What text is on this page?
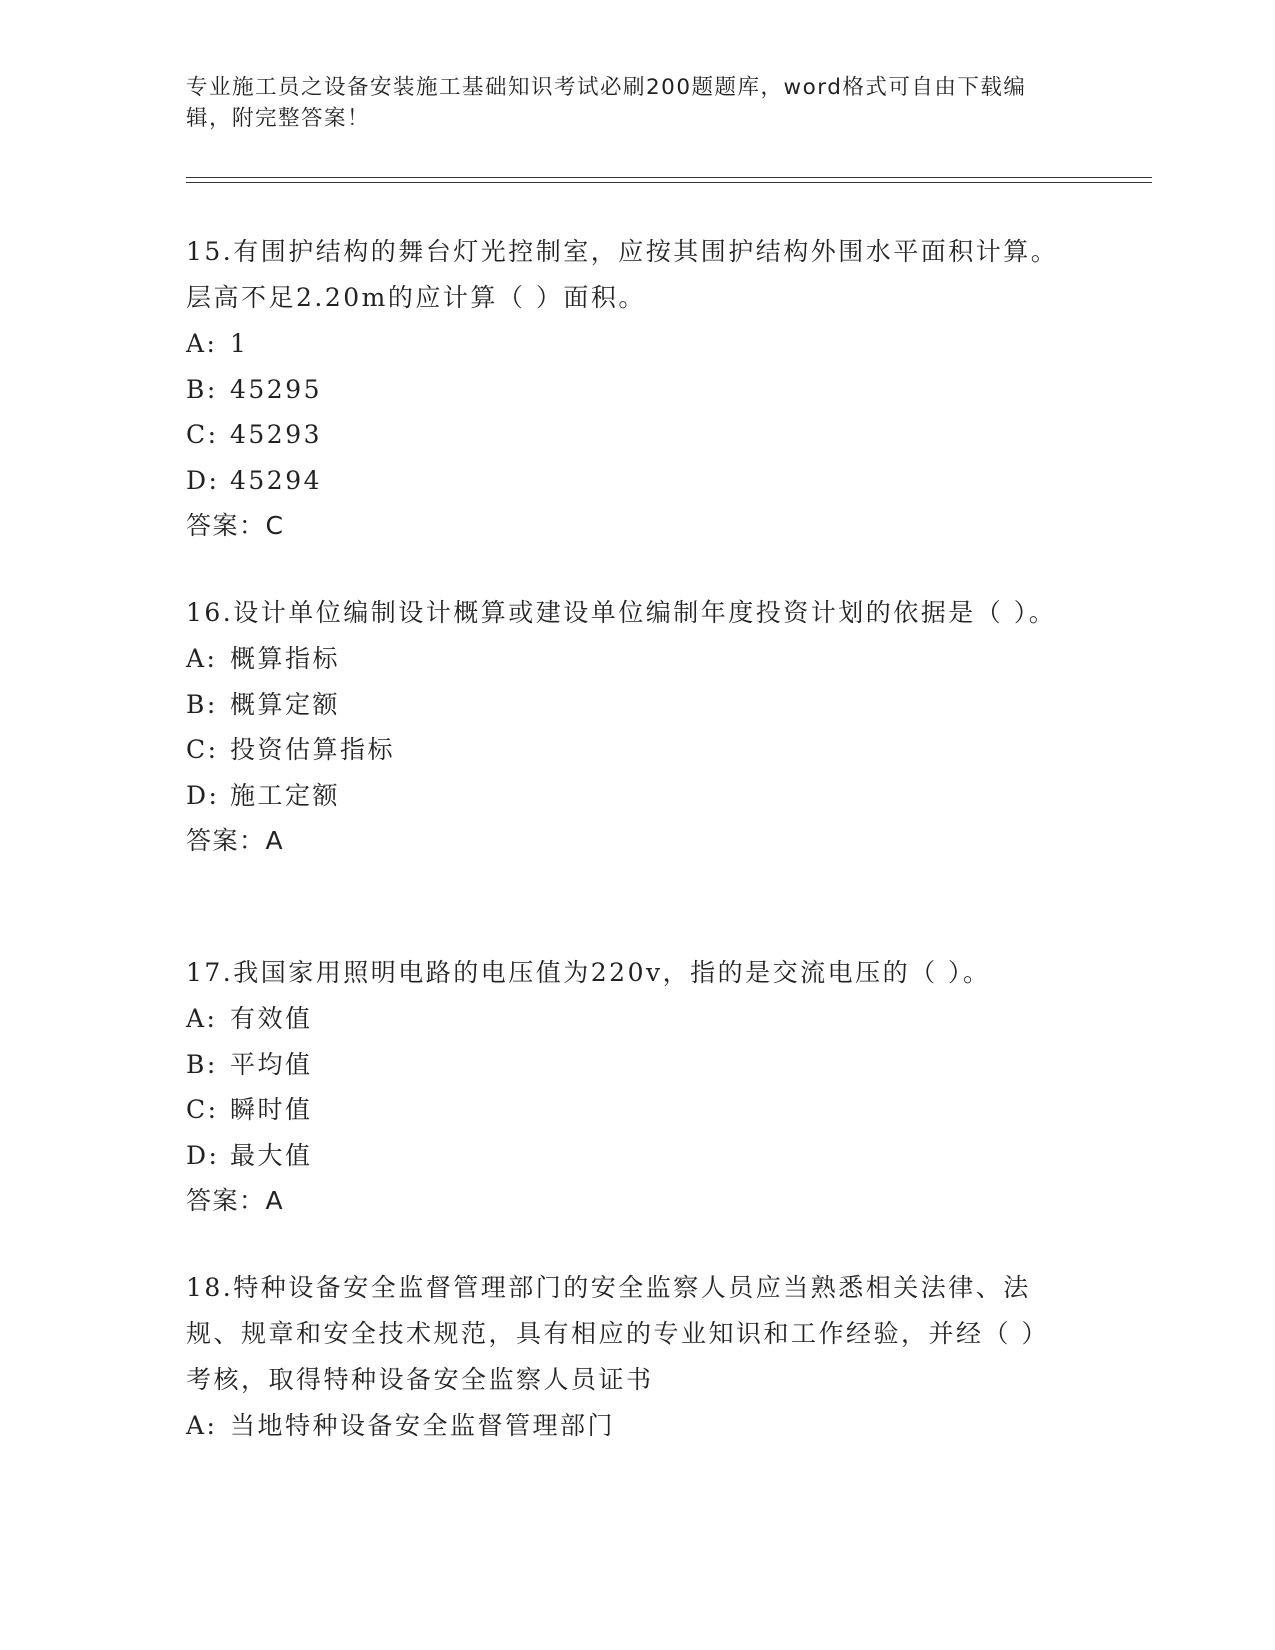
专业施工员之设备安装施工基础知识考试必刷200题题库，word格式可自由下载编辑，附完整答案！

15.有围护结构的舞台灯光控制室，应按其围护结构外围水平面积计算。层高不足2.20m的应计算（ ）面积。

A: 1

B: 45295

C: 45293

D: 45294

答案：C

16.设计单位编制设计概算或建设单位编制年度投资计划的依据是（ ）。

A: 概算指标

B: 概算定额

C: 投资估算指标

D: 施工定额

答案：A

17.我国家用照明电路的电压值为220v，指的是交流电压的（ ）。

A: 有效值

B: 平均值

C: 瞬时值

D: 最大值

答案：A

18.特种设备安全监督管理部门的安全监察人员应当熟悉相关法律、法规、规章和安全技术规范，具有相应的专业知识和工作经验，并经（ ）考核，取得特种设备安全监察人员证书

A: 当地特种设备安全监督管理部门
